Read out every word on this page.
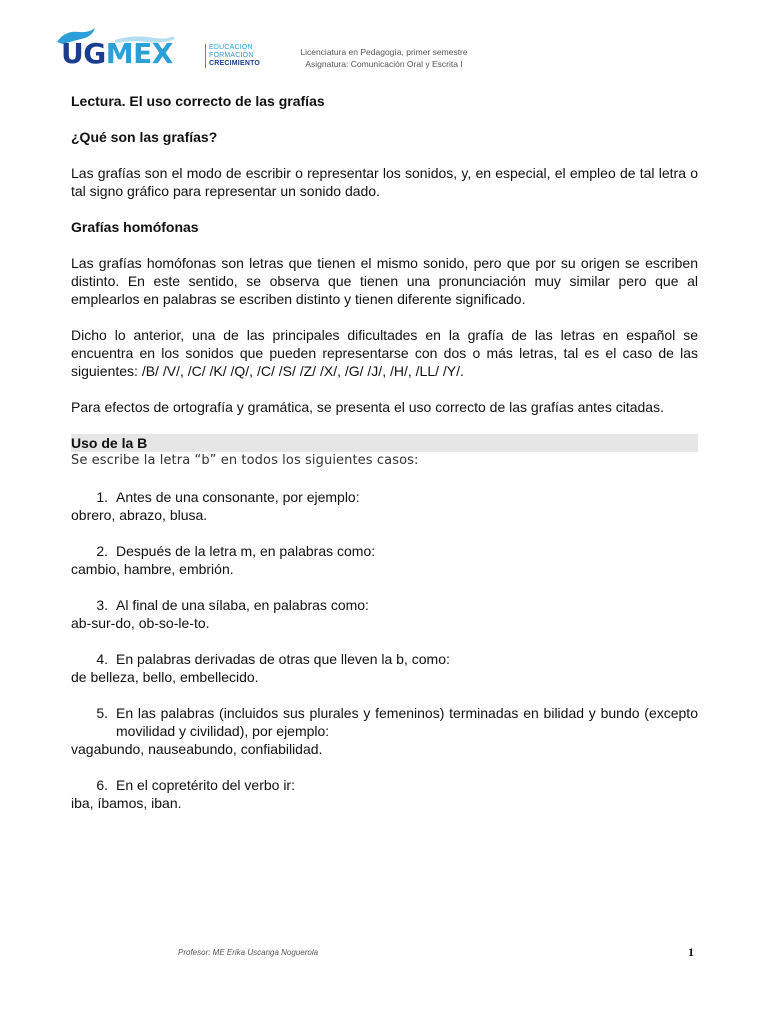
UGMEX	EDUCACIÓN
FORMACIÓN
CRECIMIENTO
Licenciatura en Pedagogía, primer semestre
Asignatura: Comunicación Oral y Escrita I

Lectura. El uso correcto de las grafías

¿Qué son las grafías?

Las grafías son el modo de escribir o representar los sonidos, y, en especial, el empleo de tal letra o tal signo gráfico para representar un sonido dado.

Grafías homófonas

Las grafías homófonas son letras que tienen el mismo sonido, pero que por su origen se escriben distinto. En este sentido, se observa que tienen una pronunciación muy similar pero que al emplearlos en palabras se escriben distinto y tienen diferente significado.

Dicho lo anterior, una de las principales dificultades en la grafía de las letras en español se encuentra en los sonidos que pueden representarse con dos o más letras, tal es el caso de las siguientes: /B/ /V/, /C/ /K/ /Q/, /C/ /S/ /Z/ /X/, /G/ /J/, /H/, /LL/ /Y/.

Para efectos de ortografía y gramática, se presenta el uso correcto de las grafías antes citadas.

Uso de la B

Se escribe la letra “b” en todos los siguientes casos:

1. Antes de una consonante, por ejemplo:

obrero, abrazo, blusa.

2. Después de la letra m, en palabras como:

cambio, hambre, embrión.

3. Al final de una sílaba, en palabras como:

ab-sur-do, ob-so-le-to.

4. En palabras derivadas de otras que lleven la b, como:

de belleza, bello, embellecido.

5. En las palabras (incluidos sus plurales y femeninos) terminadas en bilidad y bundo (excepto movilidad y civilidad), por ejemplo:

vagabundo, nauseabundo, confiabilidad.

6. En el copretérito del verbo ir:

iba, íbamos, iban.

Profesor: ME Erika Uscanga Noguerola	1
